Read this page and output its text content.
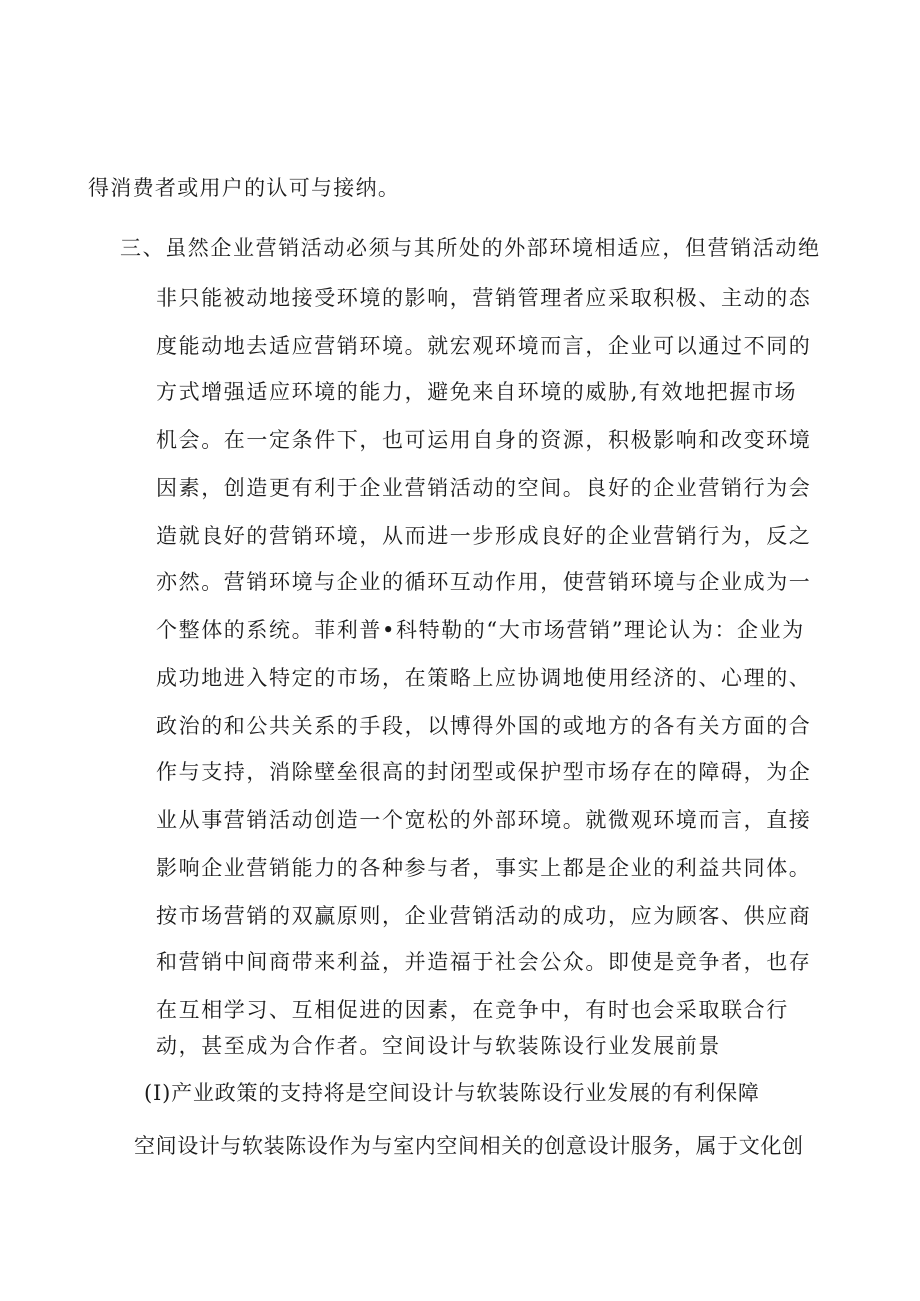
得消费者或用户的认可与接纳。
三、虽然企业营销活动必须与其所处的外部环境相适应，但营销活动绝
非只能被动地接受环境的影响，营销管理者应采取积极、主动的态
度能动地去适应营销环境。就宏观环境而言，企业可以通过不同的
方式增强适应环境的能力，避免来自环境的威胁,有效地把握市场
机会。在一定条件下，也可运用自身的资源，积极影响和改变环境
因素，创造更有利于企业营销活动的空间。良好的企业营销行为会
造就良好的营销环境，从而进一步形成良好的企业营销行为，反之
亦然。营销环境与企业的循环互动作用，使营销环境与企业成为一
个整体的系统。菲利普•科特勒的“大市场营销”理论认为：企业为
成功地进入特定的市场，在策略上应协调地使用经济的、心理的、
政治的和公共关系的手段，以博得外国的或地方的各有关方面的合
作与支持，消除壁垒很高的封闭型或保护型市场存在的障碍，为企
业从事营销活动创造一个宽松的外部环境。就微观环境而言，直接
影响企业营销能力的各种参与者，事实上都是企业的利益共同体。
按市场营销的双赢原则，企业营销活动的成功，应为顾客、供应商
和营销中间商带来利益，并造福于社会公众。即使是竞争者，也存
在互相学习、互相促进的因素，在竞争中，有时也会采取联合行
动，甚至成为合作者。空间设计与软装陈设行业发展前景
(I)产业政策的支持将是空间设计与软装陈设行业发展的有利保障
空间设计与软装陈设作为与室内空间相关的创意设计服务，属于文化创
